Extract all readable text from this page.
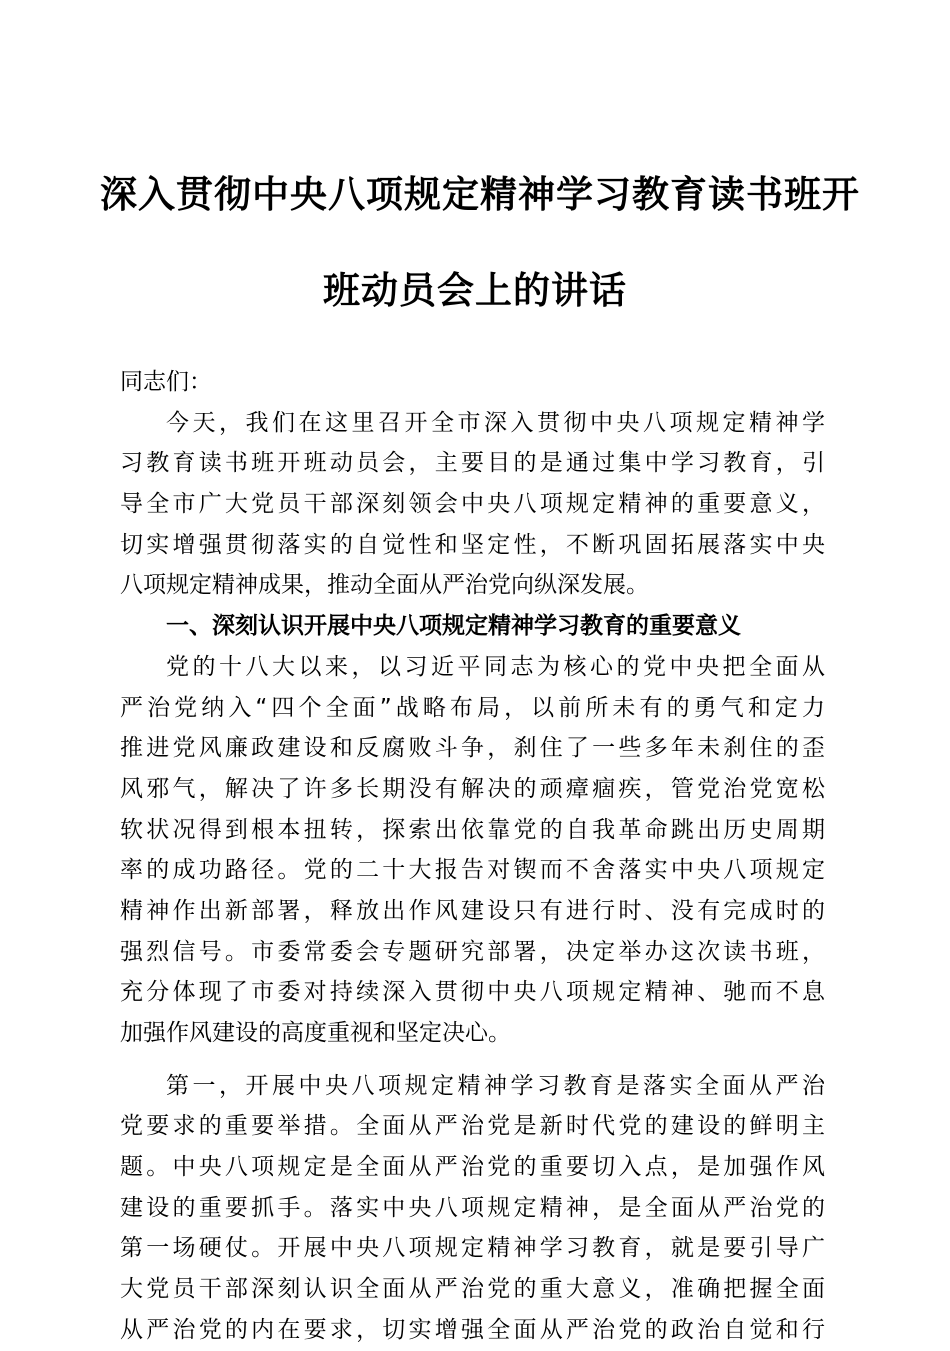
深入贯彻中央八项规定精神学习教育读书班开
班动员会上的讲话
同志们：
今天，我们在这里召开全市深入贯彻中央八项规定精神学
习教育读书班开班动员会，主要目的是通过集中学习教育，引
导全市广大党员干部深刻领会中央八项规定精神的重要意义，
切实增强贯彻落实的自觉性和坚定性，不断巩固拓展落实中央
八项规定精神成果，推动全面从严治党向纵深发展。
一、深刻认识开展中央八项规定精神学习教育的重要意义
党的十八大以来，以习近平同志为核心的党中央把全面从
严治党纳入“四个全面”战略布局，以前所未有的勇气和定力
推进党风廉政建设和反腐败斗争，刹住了一些多年未刹住的歪
风邪气，解决了许多长期没有解决的顽瘴痼疾，管党治党宽松
软状况得到根本扭转，探索出依靠党的自我革命跳出历史周期
率的成功路径。党的二十大报告对锲而不舍落实中央八项规定
精神作出新部署，释放出作风建设只有进行时、没有完成时的
强烈信号。市委常委会专题研究部署，决定举办这次读书班，
充分体现了市委对持续深入贯彻中央八项规定精神、驰而不息
加强作风建设的高度重视和坚定决心。
第一，开展中央八项规定精神学习教育是落实全面从严治
党要求的重要举措。全面从严治党是新时代党的建设的鲜明主
题。中央八项规定是全面从严治党的重要切入点，是加强作风
建设的重要抓手。落实中央八项规定精神，是全面从严治党的
第一场硬仗。开展中央八项规定精神学习教育，就是要引导广
大党员干部深刻认识全面从严治党的重大意义，准确把握全面
从严治党的内在要求，切实增强全面从严治党的政治自觉和行
